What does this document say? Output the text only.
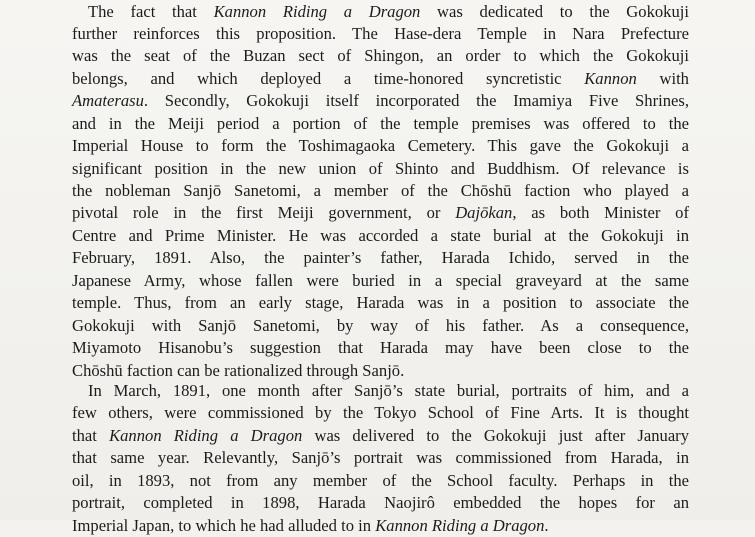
The fact that Kannon Riding a Dragon was dedicated to the Gokokuji
further reinforces this proposition. The Hase-dera Temple in Nara Prefecture
was the seat of the Buzan sect of Shingon, an order to which the Gokokuji
belongs, and which deployed a time-honored syncretistic Kannon with
Amaterasu. Secondly, Gokokuji itself incorporated the Imamiya Five Shrines,
and in the Meiji period a portion of the temple premises was offered to the
Imperial House to form the Toshimagaoka Cemetery. This gave the Gokokuji a
significant position in the new union of Shinto and Buddhism. Of relevance is
the nobleman Sanjō Sanetomi, a member of the Chōshū faction who played a
pivotal role in the first Meiji government, or Dajōkan, as both Minister of
Centre and Prime Minister. He was accorded a state burial at the Gokokuji in
February, 1891. Also, the painter’s father, Harada Ichido, served in the
Japanese Army, whose fallen were buried in a special graveyard at the same
temple. Thus, from an early stage, Harada was in a position to associate the
Gokokuji with Sanjō Sanetomi, by way of his father. As a consequence,
Miyamoto Hisanobu’s suggestion that Harada may have been close to the
Chōshū faction can be rationalized through Sanjō.
In March, 1891, one month after Sanjō’s state burial, portraits of him, and a
few others, were commissioned by the Tokyo School of Fine Arts. It is thought
that Kannon Riding a Dragon was delivered to the Gokokuji just after January
that same year. Relevantly, Sanjō’s portrait was commissioned from Harada, in
oil, in 1893, not from any member of the School faculty. Perhaps in the
portrait, completed in 1898, Harada Naojirô embedded the hopes for an
Imperial Japan, to which he had alluded to in Kannon Riding a Dragon.
